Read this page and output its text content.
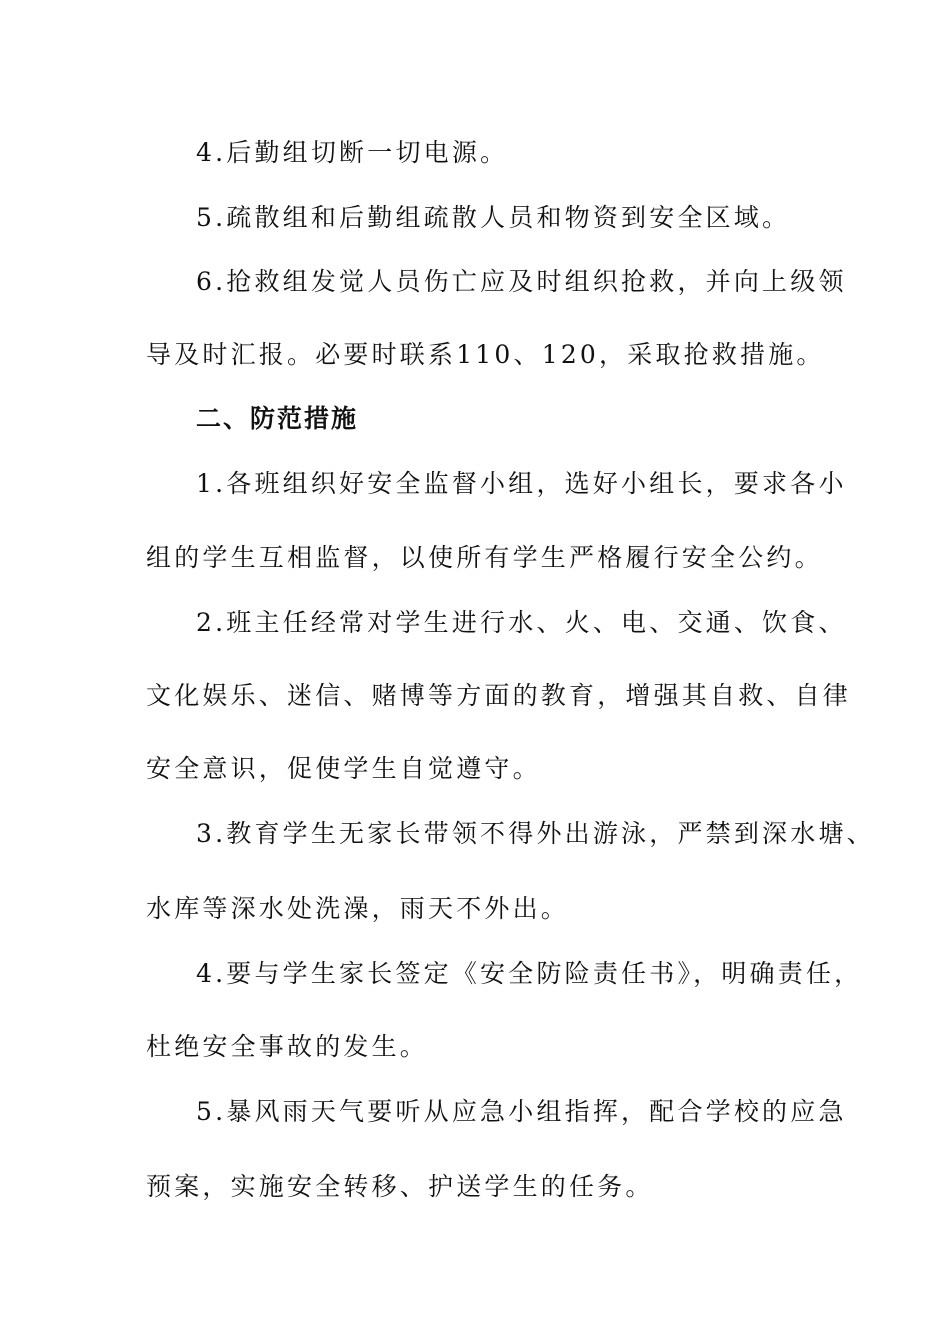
4.后勤组切断一切电源。
5.疏散组和后勤组疏散人员和物资到安全区域。
6.抢救组发觉人员伤亡应及时组织抢救，并向上级领
导及时汇报。必要时联系110、120，采取抢救措施。
二、防范措施
1.各班组织好安全监督小组，选好小组长，要求各小
组的学生互相监督，以使所有学生严格履行安全公约。
2.班主任经常对学生进行水、火、电、交通、饮食、
文化娱乐、迷信、赌博等方面的教育，增强其自救、自律
安全意识，促使学生自觉遵守。
3.教育学生无家长带领不得外出游泳，严禁到深水塘、
水库等深水处洗澡，雨天不外出。
4.要与学生家长签定《安全防险责任书》，明确责任，
杜绝安全事故的发生。
5.暴风雨天气要听从应急小组指挥，配合学校的应急
预案，实施安全转移、护送学生的任务。
